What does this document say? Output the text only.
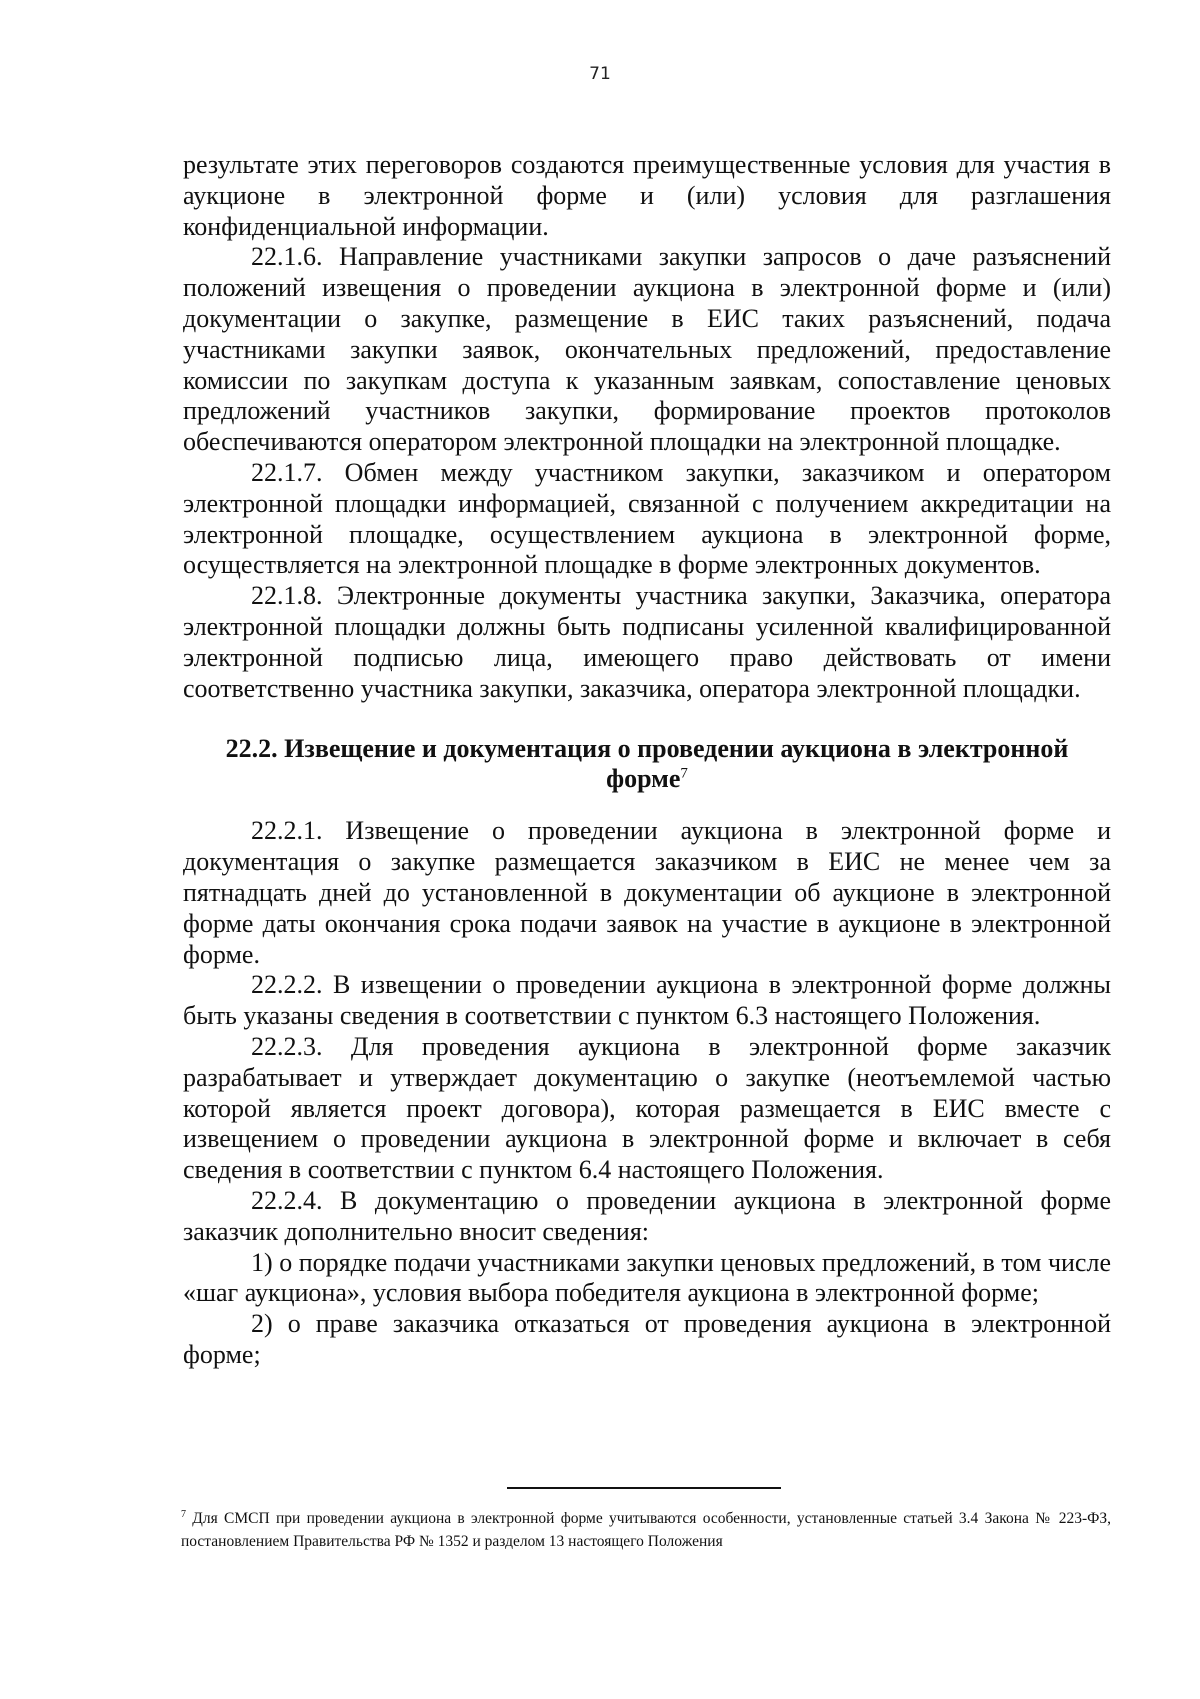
71

результате этих переговоров создаются преимущественные условия для участия в аукционе в электронной форме и (или) условия для разглашения конфиденциальной информации.

22.1.6. Направление участниками закупки запросов о даче разъяснений положений извещения о проведении аукциона в электронной форме и (или) документации о закупке, размещение в ЕИС таких разъяснений, подача участниками закупки заявок, окончательных предложений, предоставление комиссии по закупкам доступа к указанным заявкам, сопоставление ценовых предложений участников закупки, формирование проектов протоколов обеспечиваются оператором электронной площадки на электронной площадке.

22.1.7. Обмен между участником закупки, заказчиком и оператором электронной площадки информацией, связанной с получением аккредитации на электронной площадке, осуществлением аукциона в электронной форме, осуществляется на электронной площадке в форме электронных документов.

22.1.8. Электронные документы участника закупки, Заказчика, оператора электронной площадки должны быть подписаны усиленной квалифицированной электронной подписью лица, имеющего право действовать от имени соответственно участника закупки, заказчика, оператора электронной площадки.

22.2. Извещение и документация о проведении аукциона в электронной форме$^7$

22.2.1. Извещение о проведении аукциона в электронной форме и документация о закупке размещается заказчиком в ЕИС не менее чем за пятнадцать дней до установленной в документации об аукционе в электронной форме даты окончания срока подачи заявок на участие в аукционе в электронной форме.

22.2.2. В извещении о проведении аукциона в электронной форме должны быть указаны сведения в соответствии с пунктом 6.3 настоящего Положения.

22.2.3. Для проведения аукциона в электронной форме заказчик разрабатывает и утверждает документацию о закупке (неотъемлемой частью которой является проект договора), которая размещается в ЕИС вместе с извещением о проведении аукциона в электронной форме и включает в себя сведения в соответствии с пунктом 6.4 настоящего Положения.

22.2.4. В документацию о проведении аукциона в электронной форме заказчик дополнительно вносит сведения:

1) о порядке подачи участниками закупки ценовых предложений, в том числе «шаг аукциона», условия выбора победителя аукциона в электронной форме;

2) о праве заказчика отказаться от проведения аукциона в электронной форме;

$^7$ Для СМСП при проведении аукциона в электронной форме учитываются особенности, установленные статьей 3.4 Закона № 223-ФЗ, постановлением Правительства РФ № 1352 и разделом 13 настоящего Положения
